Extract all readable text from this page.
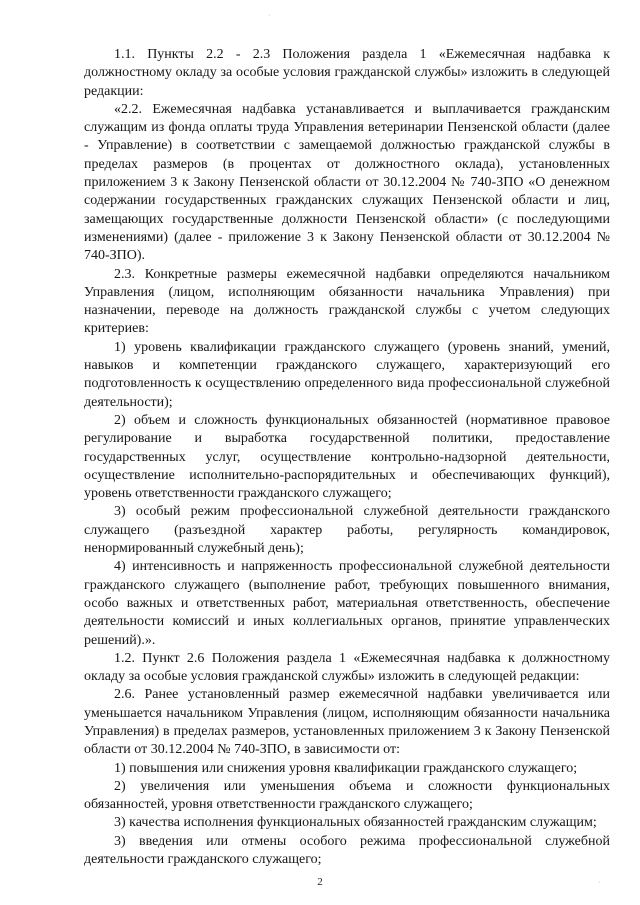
·

1.1. Пункты 2.2 - 2.3 Положения раздела 1 «Ежемесячная надбавка к должностному окладу за особые условия гражданской службы» изложить в следующей редакции:

«2.2. Ежемесячная надбавка устанавливается и выплачивается гражданским служащим из фонда оплаты труда Управления ветеринарии Пензенской области (далее - Управление) в соответствии с замещаемой должностью гражданской службы в пределах размеров (в процентах от должностного оклада), установленных приложением 3 к Закону Пензенской области от 30.12.2004 № 740-ЗПО «О денежном содержании государственных гражданских служащих Пензенской области и лиц, замещающих государственные должности Пензенской области» (с последующими изменениями) (далее - приложение 3 к Закону Пензенской области от 30.12.2004 № 740-ЗПО).

2.3. Конкретные размеры ежемесячной надбавки определяются начальником Управления (лицом, исполняющим обязанности начальника Управления) при назначении, переводе на должность гражданской службы с учетом следующих критериев:

1) уровень квалификации гражданского служащего (уровень знаний, умений, навыков и компетенции гражданского служащего, характеризующий его подготовленность к осуществлению определенного вида профессиональной служебной деятельности);

2) объем и сложность функциональных обязанностей (нормативное правовое регулирование и выработка государственной политики, предоставление государственных услуг, осуществление контрольно-надзорной деятельности, осуществление исполнительно-распорядительных и обеспечивающих функций), уровень ответственности гражданского служащего;

3) особый режим профессиональной служебной деятельности гражданского служащего (разъездной характер работы, регулярность командировок, ненормированный служебный день);

4) интенсивность и напряженность профессиональной служебной деятельности гражданского служащего (выполнение работ, требующих повышенного внимания, особо важных и ответственных работ, материальная ответственность, обеспечение деятельности комиссий и иных коллегиальных органов, принятие управленческих решений).».

1.2. Пункт 2.6 Положения раздела 1 «Ежемесячная надбавка к должностному окладу за особые условия гражданской службы» изложить в следующей редакции:

2.6. Ранее установленный размер ежемесячной надбавки увеличивается или уменьшается начальником Управления (лицом, исполняющим обязанности начальника Управления) в пределах размеров, установленных приложением 3 к Закону Пензенской области от 30.12.2004 № 740-ЗПО, в зависимости от:

1) повышения или снижения уровня квалификации гражданского служащего;

2) увеличения или уменьшения объема и сложности функциональных обязанностей, уровня ответственности гражданского служащего;

3) качества исполнения функциональных обязанностей гражданским служащим;

3) введения или отмены особого режима профессиональной служебной деятельности гражданского служащего;

2	·
